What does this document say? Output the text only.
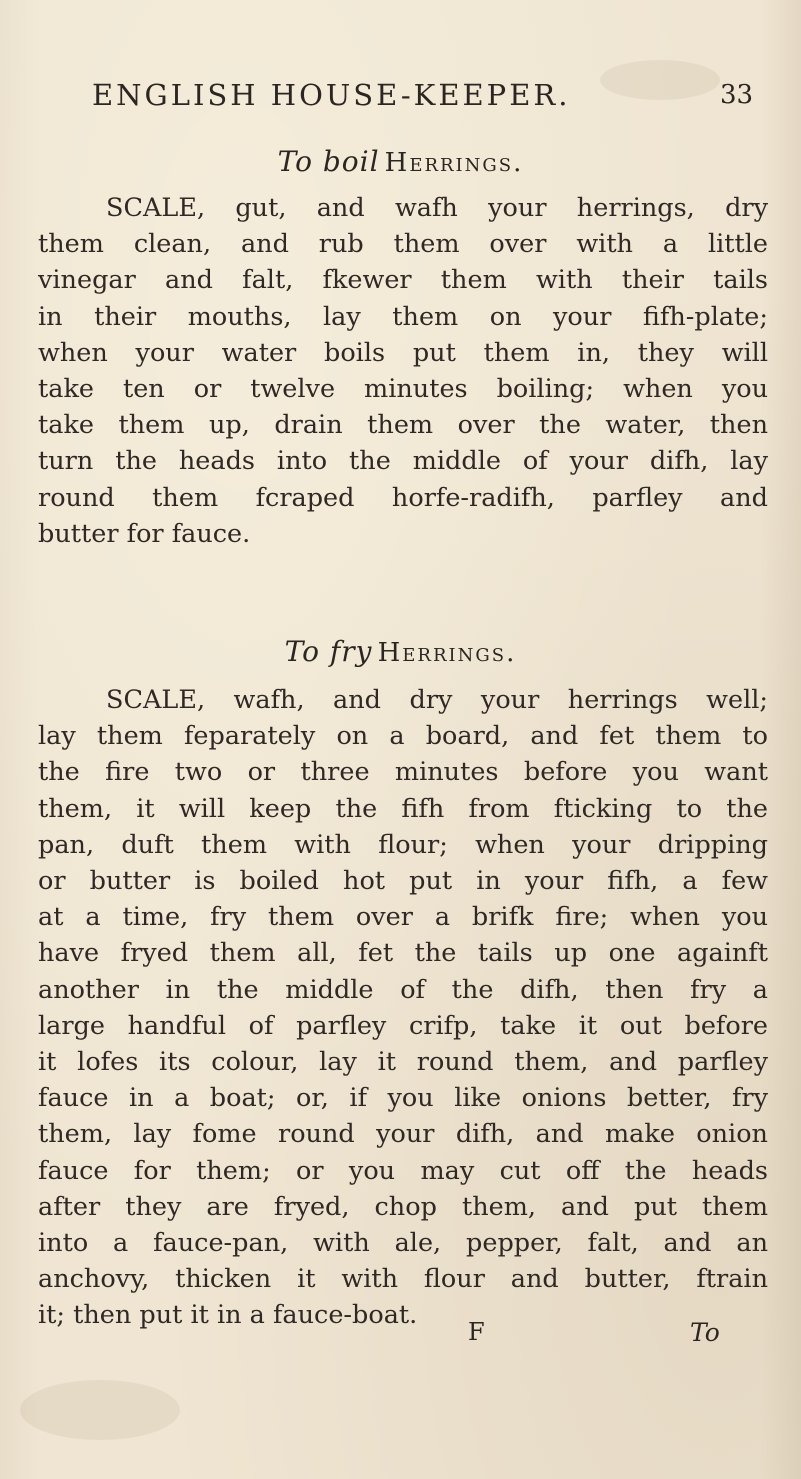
ENGLISH HOUSE-KEEPER.	33
To boil Herrings.
SCALE, gut, and wafh your herrings, dry
them clean, and rub them over with a little
vinegar and falt, fkewer them with their tails
in their mouths, lay them on your fifh-plate;
when your water boils put them in, they will
take ten or twelve minutes boiling; when you
take them up, drain them over the water, then
turn the heads into the middle of your difh, lay
round them fcraped horfe-radifh, parfley and
butter for fauce.
To fry Herrings.
SCALE, wafh, and dry your herrings well;
lay them feparately on a board, and fet them to
the fire two or three minutes before you want
them, it will keep the fifh from fticking to the
pan, duft them with flour; when your dripping
or butter is boiled hot put in your fifh, a few
at a time, fry them over a brifk fire; when you
have fryed them all, fet the tails up one againft
another in the middle of the difh, then fry a
large handful of parfley crifp, take it out before
it lofes its colour, lay it round them, and parfley
fauce in a boat; or, if you like onions better, fry
them, lay fome round your difh, and make onion
fauce for them; or you may cut off the heads
after they are fryed, chop them, and put them
into a fauce-pan, with ale, pepper, falt, and an
anchovy, thicken it with flour and butter, ftrain
it; then put it in a fauce-boat.
F	To
